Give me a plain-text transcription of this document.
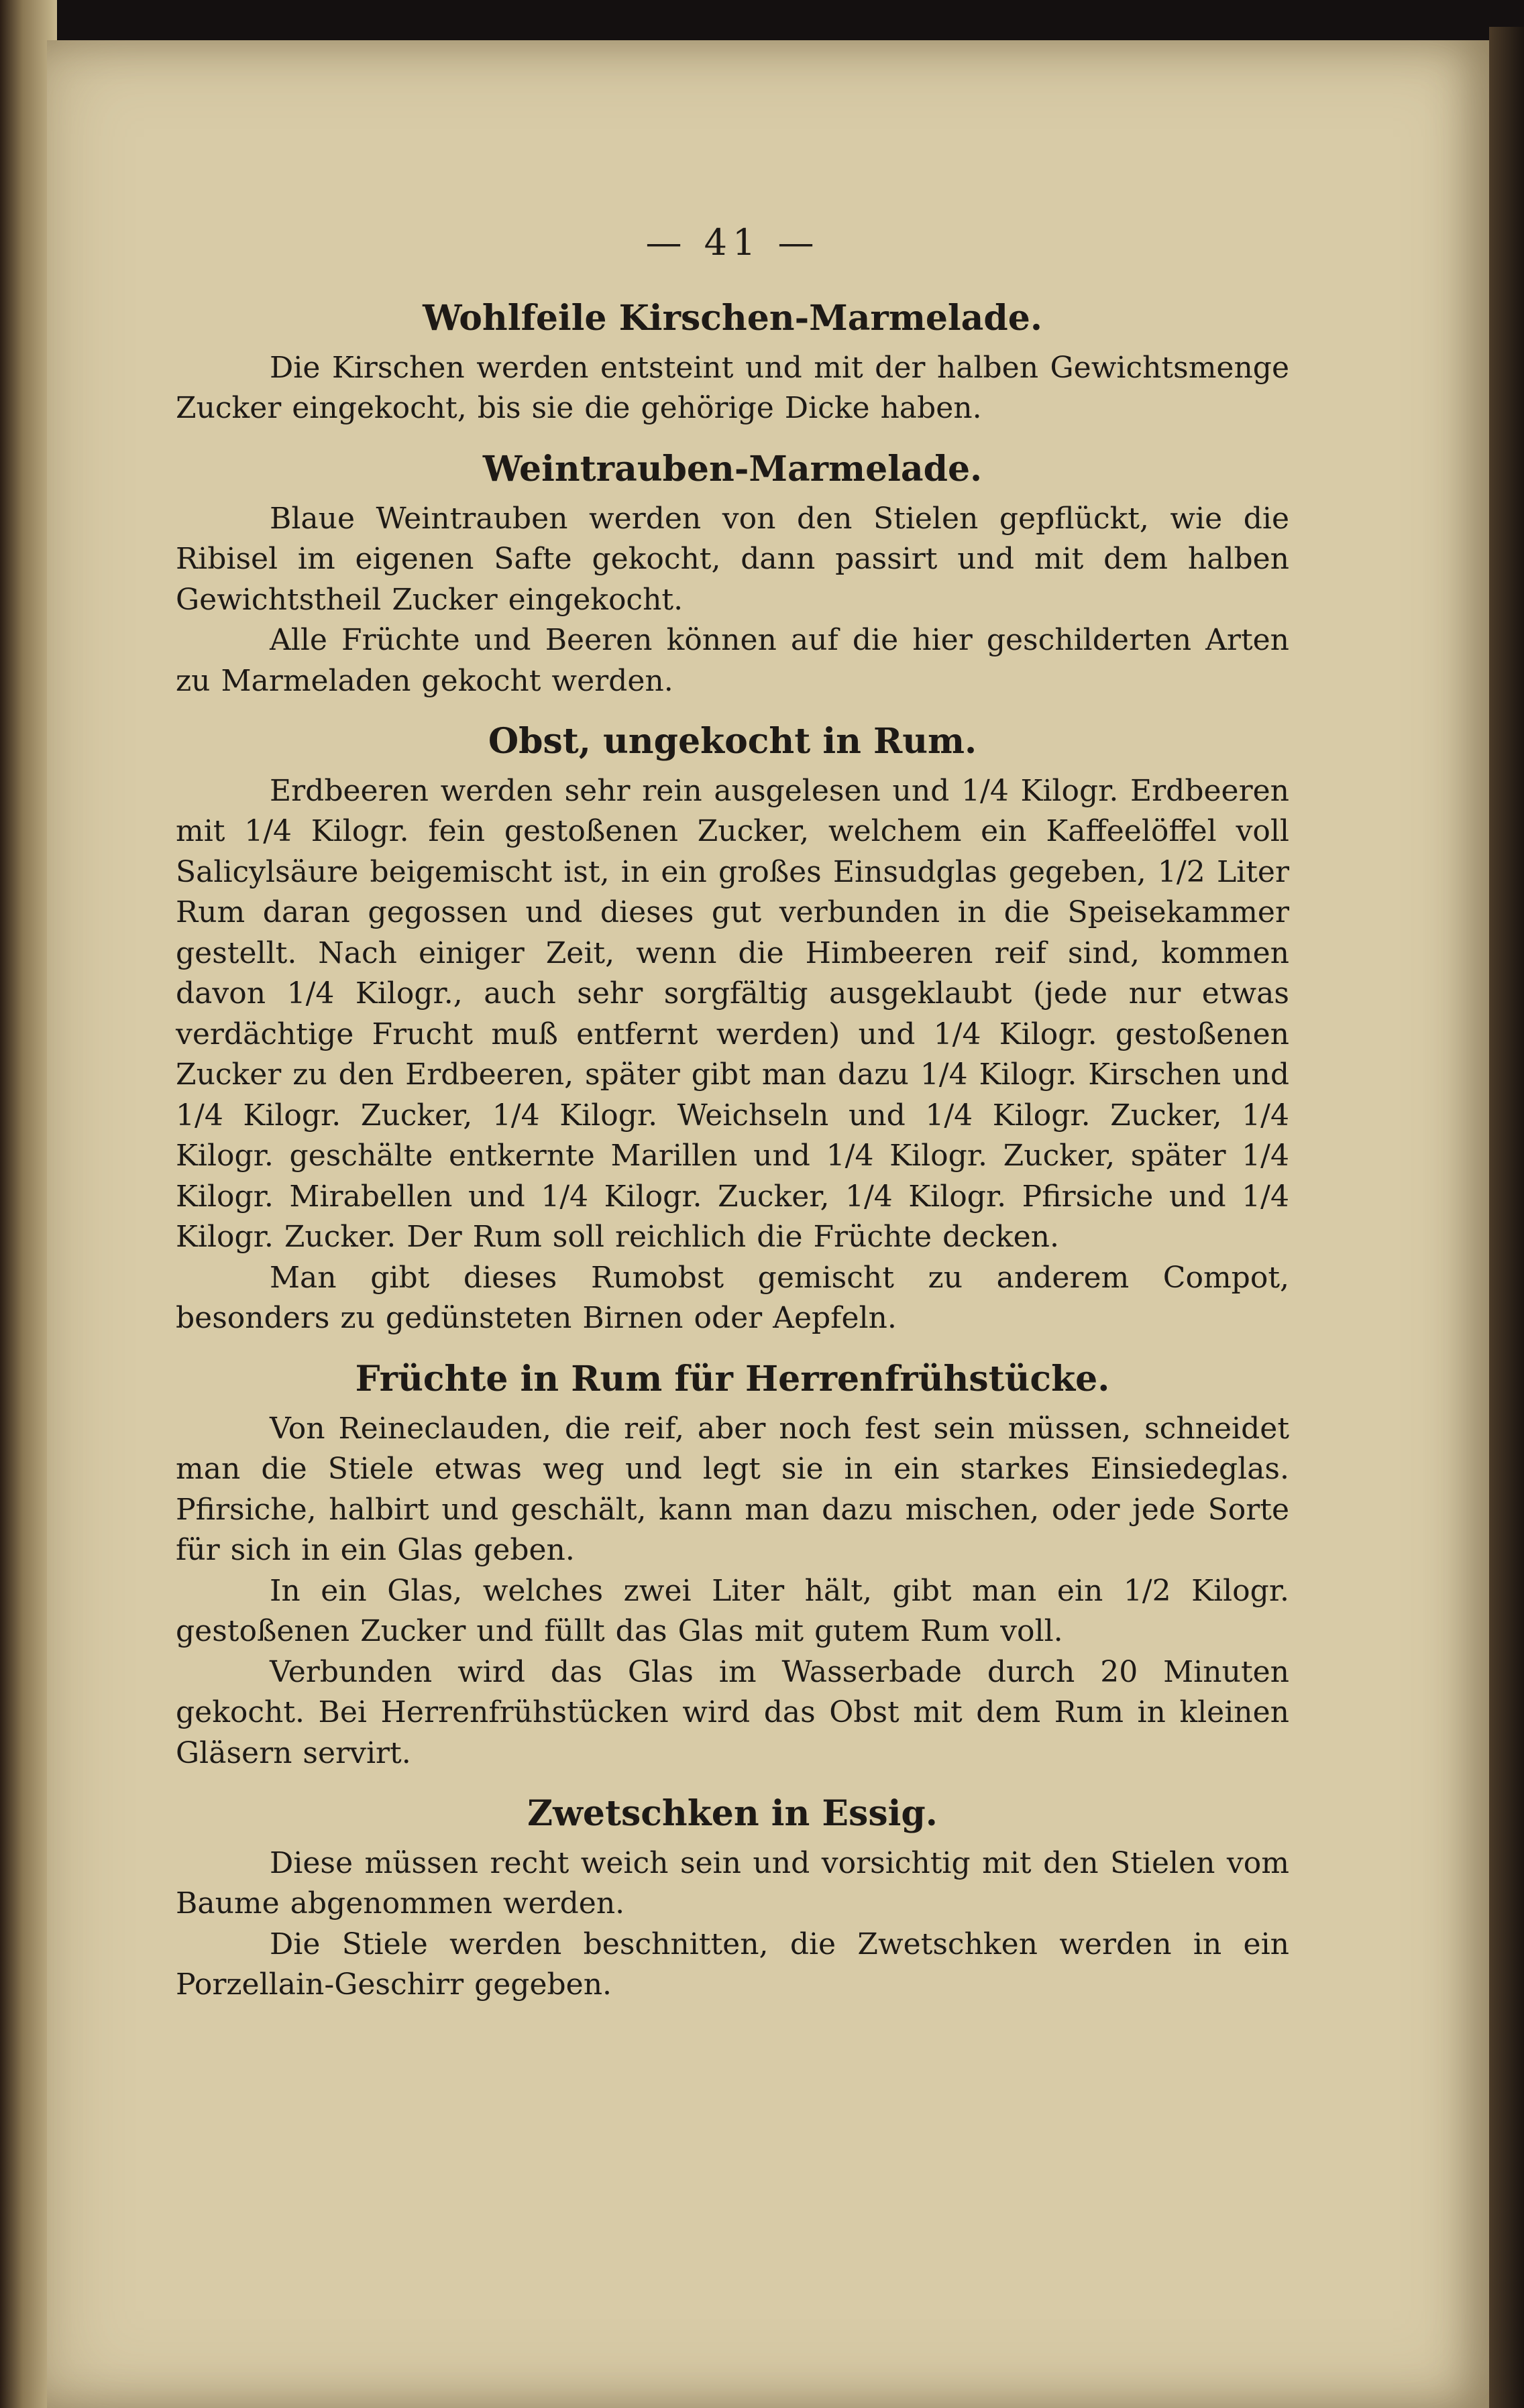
— 41 —
Wohlfeile Kirschen-Marmelade.

Die Kirschen werden entsteint und mit der halben Gewichtsmenge Zucker eingekocht, bis sie die gehörige Dicke haben.

Weintrauben-Marmelade.

Blaue Weintrauben werden von den Stielen gepflückt, wie die Ribisel im eigenen Safte gekocht, dann passirt und mit dem halben Gewichtstheil Zucker eingekocht.

Alle Früchte und Beeren können auf die hier geschilderten Arten zu Marmeladen gekocht werden.

Obst, ungekocht in Rum.

Erdbeeren werden sehr rein ausgelesen und 1/4 Kilogr. Erdbeeren mit 1/4 Kilogr. fein gestoßenen Zucker, welchem ein Kaffeelöffel voll Salicylsäure beigemischt ist, in ein großes Einsudglas gegeben, 1/2 Liter Rum daran gegossen und dieses gut verbunden in die Speisekammer gestellt. Nach einiger Zeit, wenn die Himbeeren reif sind, kommen davon 1/4 Kilogr., auch sehr sorgfältig ausgeklaubt (jede nur etwas verdächtige Frucht muß entfernt werden) und 1/4 Kilogr. gestoßenen Zucker zu den Erdbeeren, später gibt man dazu 1/4 Kilogr. Kirschen und 1/4 Kilogr. Zucker, 1/4 Kilogr. Weichseln und 1/4 Kilogr. Zucker, 1/4 Kilogr. geschälte entkernte Marillen und 1/4 Kilogr. Zucker, später 1/4 Kilogr. Mirabellen und 1/4 Kilogr. Zucker, 1/4 Kilogr. Pfirsiche und 1/4 Kilogr. Zucker. Der Rum soll reichlich die Früchte decken.

Man gibt dieses Rumobst gemischt zu anderem Compot, besonders zu gedünsteten Birnen oder Aepfeln.

Früchte in Rum für Herrenfrühstücke.

Von Reineclauden, die reif, aber noch fest sein müssen, schneidet man die Stiele etwas weg und legt sie in ein starkes Einsiedeglas. Pfirsiche, halbirt und geschält, kann man dazu mischen, oder jede Sorte für sich in ein Glas geben.

In ein Glas, welches zwei Liter hält, gibt man ein 1/2 Kilogr. gestoßenen Zucker und füllt das Glas mit gutem Rum voll.

Verbunden wird das Glas im Wasserbade durch 20 Minuten gekocht. Bei Herrenfrühstücken wird das Obst mit dem Rum in kleinen Gläsern servirt.

Zwetschken in Essig.

Diese müssen recht weich sein und vorsichtig mit den Stielen vom Baume abgenommen werden.

Die Stiele werden beschnitten, die Zwetschken werden in ein Porzellain-Geschirr gegeben.
